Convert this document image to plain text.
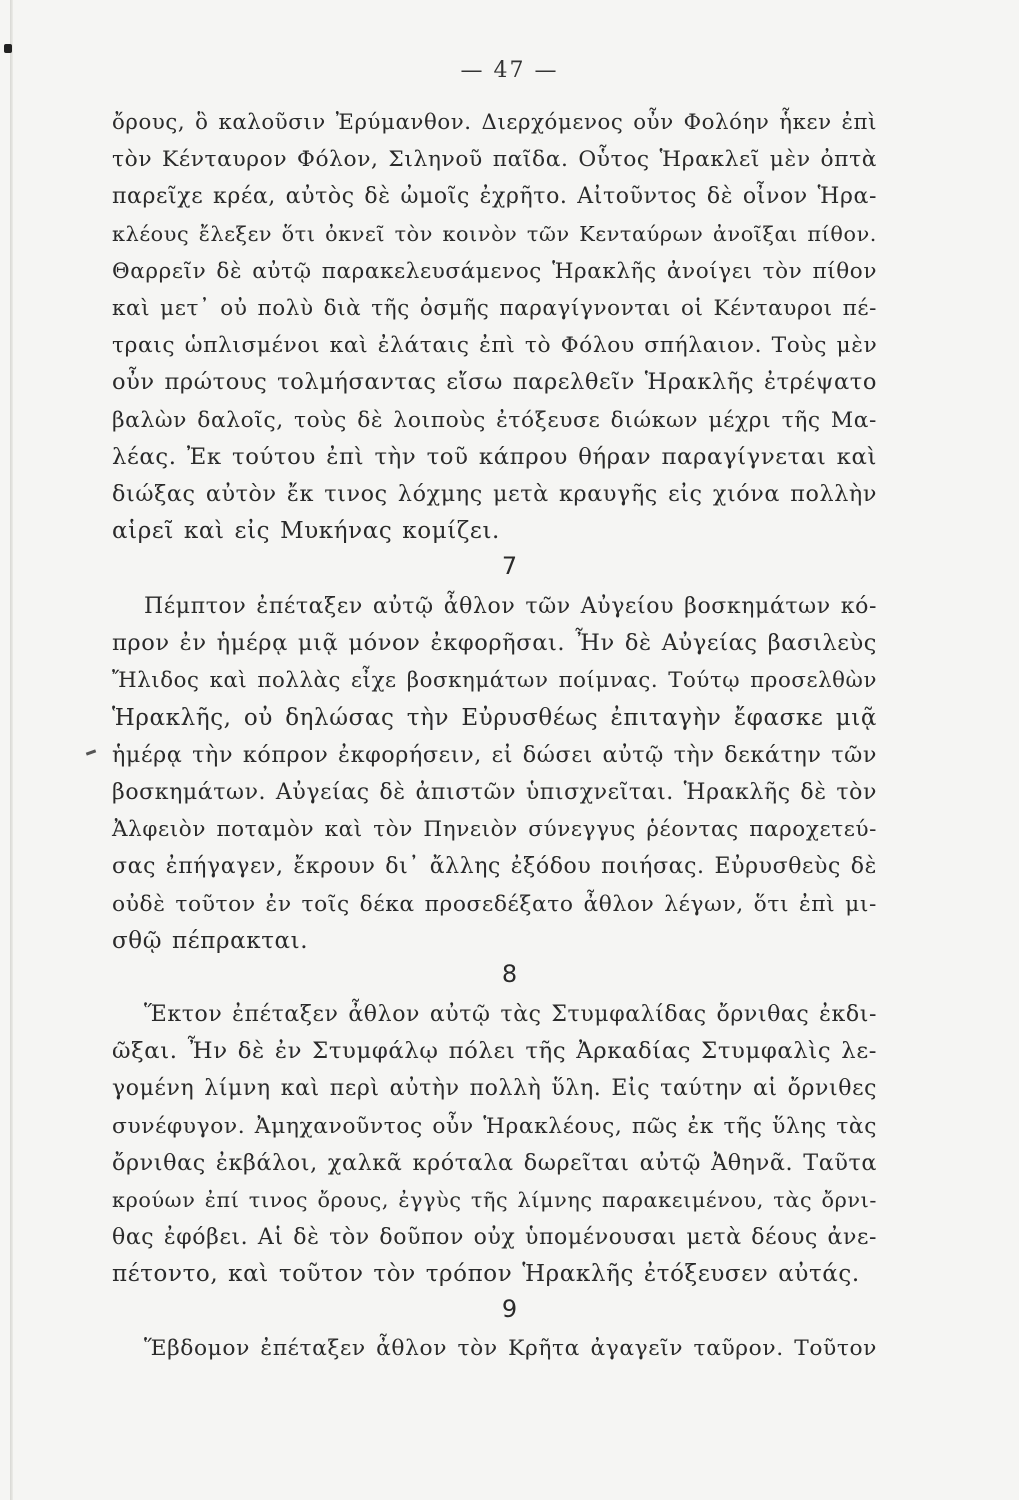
— 47 —
ὄρους, ὃ καλοῦσιν Ἐρύμανθον. Διερχόμενος οὖν Φολόην ἧκεν ἐπὶ
τὸν Κένταυρον Φόλον, Σιληνοῦ παῖδα. Οὗτος Ἡρακλεῖ μὲν ὀπτὰ
παρεῖχε κρέα, αὐτὸς δὲ ὠμοῖς ἐχρῆτο. Αἰτοῦντος δὲ οἶνον Ἡρα-
κλέους ἔλεξεν ὅτι ὀκνεῖ τὸν κοινὸν τῶν Κενταύρων ἀνοῖξαι πίθον.
Θαρρεῖν δὲ αὐτῷ παρακελευσάμενος Ἡρακλῆς ἀνοίγει τὸν πίθον
καὶ μετ᾽ οὐ πολὺ διὰ τῆς ὀσμῆς παραγίγνονται οἱ Κένταυροι πέ-
τραις ὡπλισμένοι καὶ ἐλάταις ἐπὶ τὸ Φόλου σπήλαιον. Τοὺς μὲν
οὖν πρώτους τολμήσαντας εἴσω παρελθεῖν Ἡρακλῆς ἐτρέψατο
βαλὼν δαλοῖς, τοὺς δὲ λοιποὺς ἐτόξευσε διώκων μέχρι τῆς Μα-
λέας. Ἐκ τούτου ἐπὶ τὴν τοῦ κάπρου θήραν παραγίγνεται καὶ
διώξας αὐτὸν ἔκ τινος λόχμης μετὰ κραυγῆς εἰς χιόνα πολλὴν
αἱρεῖ καὶ εἰς Μυκήνας κομίζει.
7
Πέμπτον ἐπέταξεν αὐτῷ ἆθλον τῶν Αὐγείου βοσκημάτων κό-
προν ἐν ἡμέρᾳ μιᾷ μόνον ἐκφορῆσαι. Ἦν δὲ Αὐγείας βασιλεὺς
Ἤλιδος καὶ πολλὰς εἶχε βοσκημάτων ποίμνας. Τούτῳ προσελθὼν
Ἡρακλῆς, οὐ δηλώσας τὴν Εὐρυσθέως ἐπιταγὴν ἔφασκε μιᾷ
ἡμέρᾳ τὴν κόπρον ἐκφορήσειν, εἰ δώσει αὐτῷ τὴν δεκάτην τῶν
βοσκημάτων. Αὐγείας δὲ ἀπιστῶν ὑπισχνεῖται. Ἡρακλῆς δὲ τὸν
Ἀλφειὸν ποταμὸν καὶ τὸν Πηνειὸν σύνεγγυς ῥέοντας παροχετεύ-
σας ἐπήγαγεν, ἔκρουν δι᾽ ἄλλης ἐξόδου ποιήσας. Εὐρυσθεὺς δὲ
οὐδὲ τοῦτον ἐν τοῖς δέκα προσεδέξατο ἆθλον λέγων, ὅτι ἐπὶ μι-
σθῷ πέπρακται.
8
Ἕκτον ἐπέταξεν ἆθλον αὐτῷ τὰς Στυμφαλίδας ὄρνιθας ἐκδι-
ῶξαι. Ἦν δὲ ἐν Στυμφάλῳ πόλει τῆς Ἀρκαδίας Στυμφαλὶς λε-
γομένη λίμνη καὶ περὶ αὐτὴν πολλὴ ὕλη. Εἰς ταύτην αἱ ὄρνιθες
συνέφυγον. Ἀμηχανοῦντος οὖν Ἡρακλέους, πῶς ἐκ τῆς ὕλης τὰς
ὄρνιθας ἐκβάλοι, χαλκᾶ κρόταλα δωρεῖται αὐτῷ Ἀθηνᾶ. Ταῦτα
κρούων ἐπί τινος ὄρους, ἐγγὺς τῆς λίμνης παρακειμένου, τὰς ὄρνι-
θας ἐφόβει. Αἱ δὲ τὸν δοῦπον οὐχ ὑπομένουσαι μετὰ δέους ἀνε-
πέτοντο, καὶ τοῦτον τὸν τρόπον Ἡρακλῆς ἐτόξευσεν αὐτάς.
9
Ἕβδομον ἐπέταξεν ἆθλον τὸν Κρῆτα ἀγαγεῖν ταῦρον. Τοῦτον
